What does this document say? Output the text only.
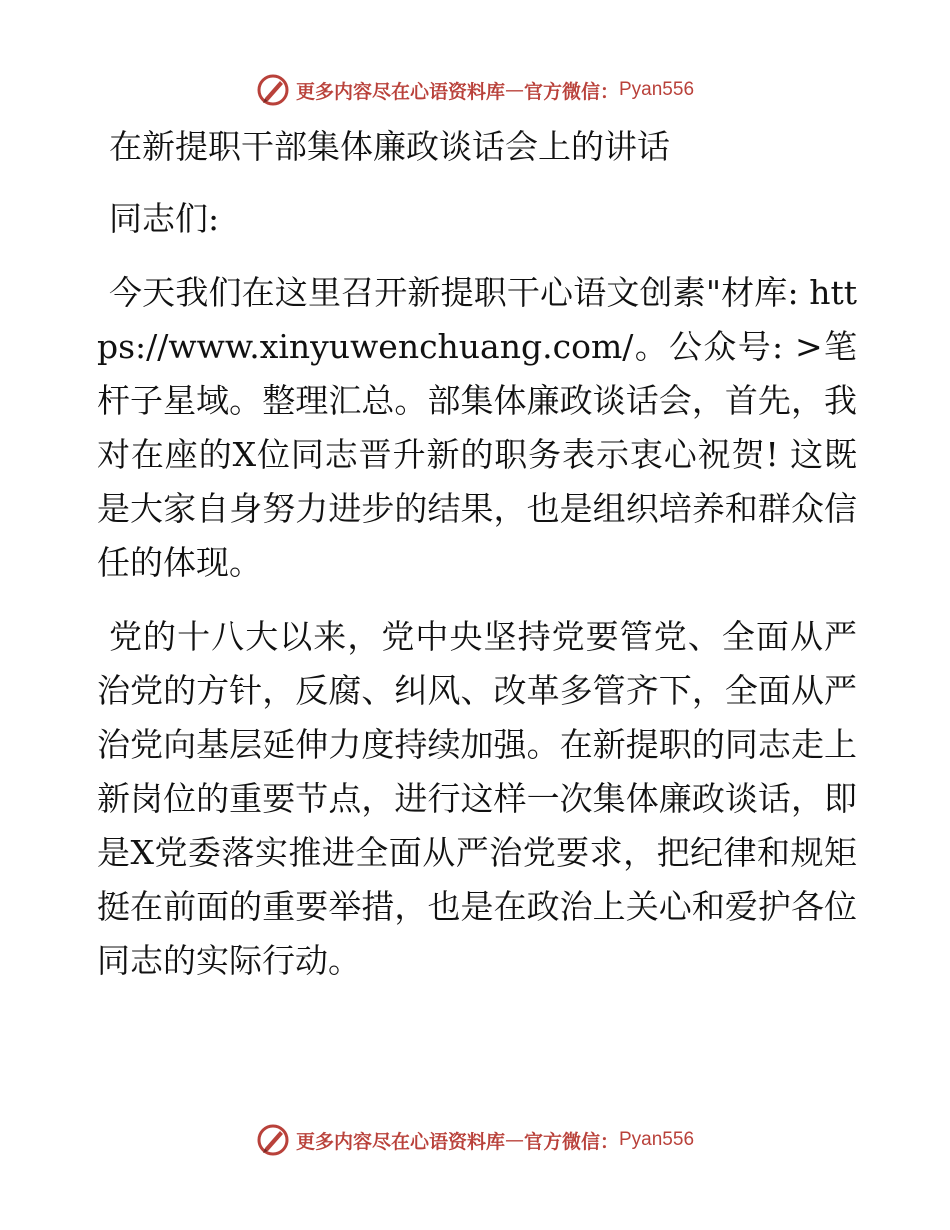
更多内容尽在心语资料库 — 官方微信： Pyan556
在新提职干部集体廉政谈话会上的讲话
同志们:

今天我们在这里召开新提职干心语文创素"材库: https://www.xinyuwenchuang.com/。公众号: >笔杆子星域。整理汇总。部集体廉政谈话会，首先，我对在座的X位同志晋升新的职务表示衷心祝贺! 这既是大家自身努力进步的结果，也是组织培养和群众信任的体现。

党的十八大以来，党中央坚持党要管党、全面从严治党的方针，反腐、纠风、改革多管齐下，全面从严治党向基层延伸力度持续加强。在新提职的同志走上新岗位的重要节点，进行这样一次集体廉政谈话，即是X党委落实推进全面从严治党要求，把纪律和规矩挺在前面的重要举措，也是在政治上关心和爱护各位同志的实际行动。

更多内容尽在心语资料库 — 官方微信： Pyan556
